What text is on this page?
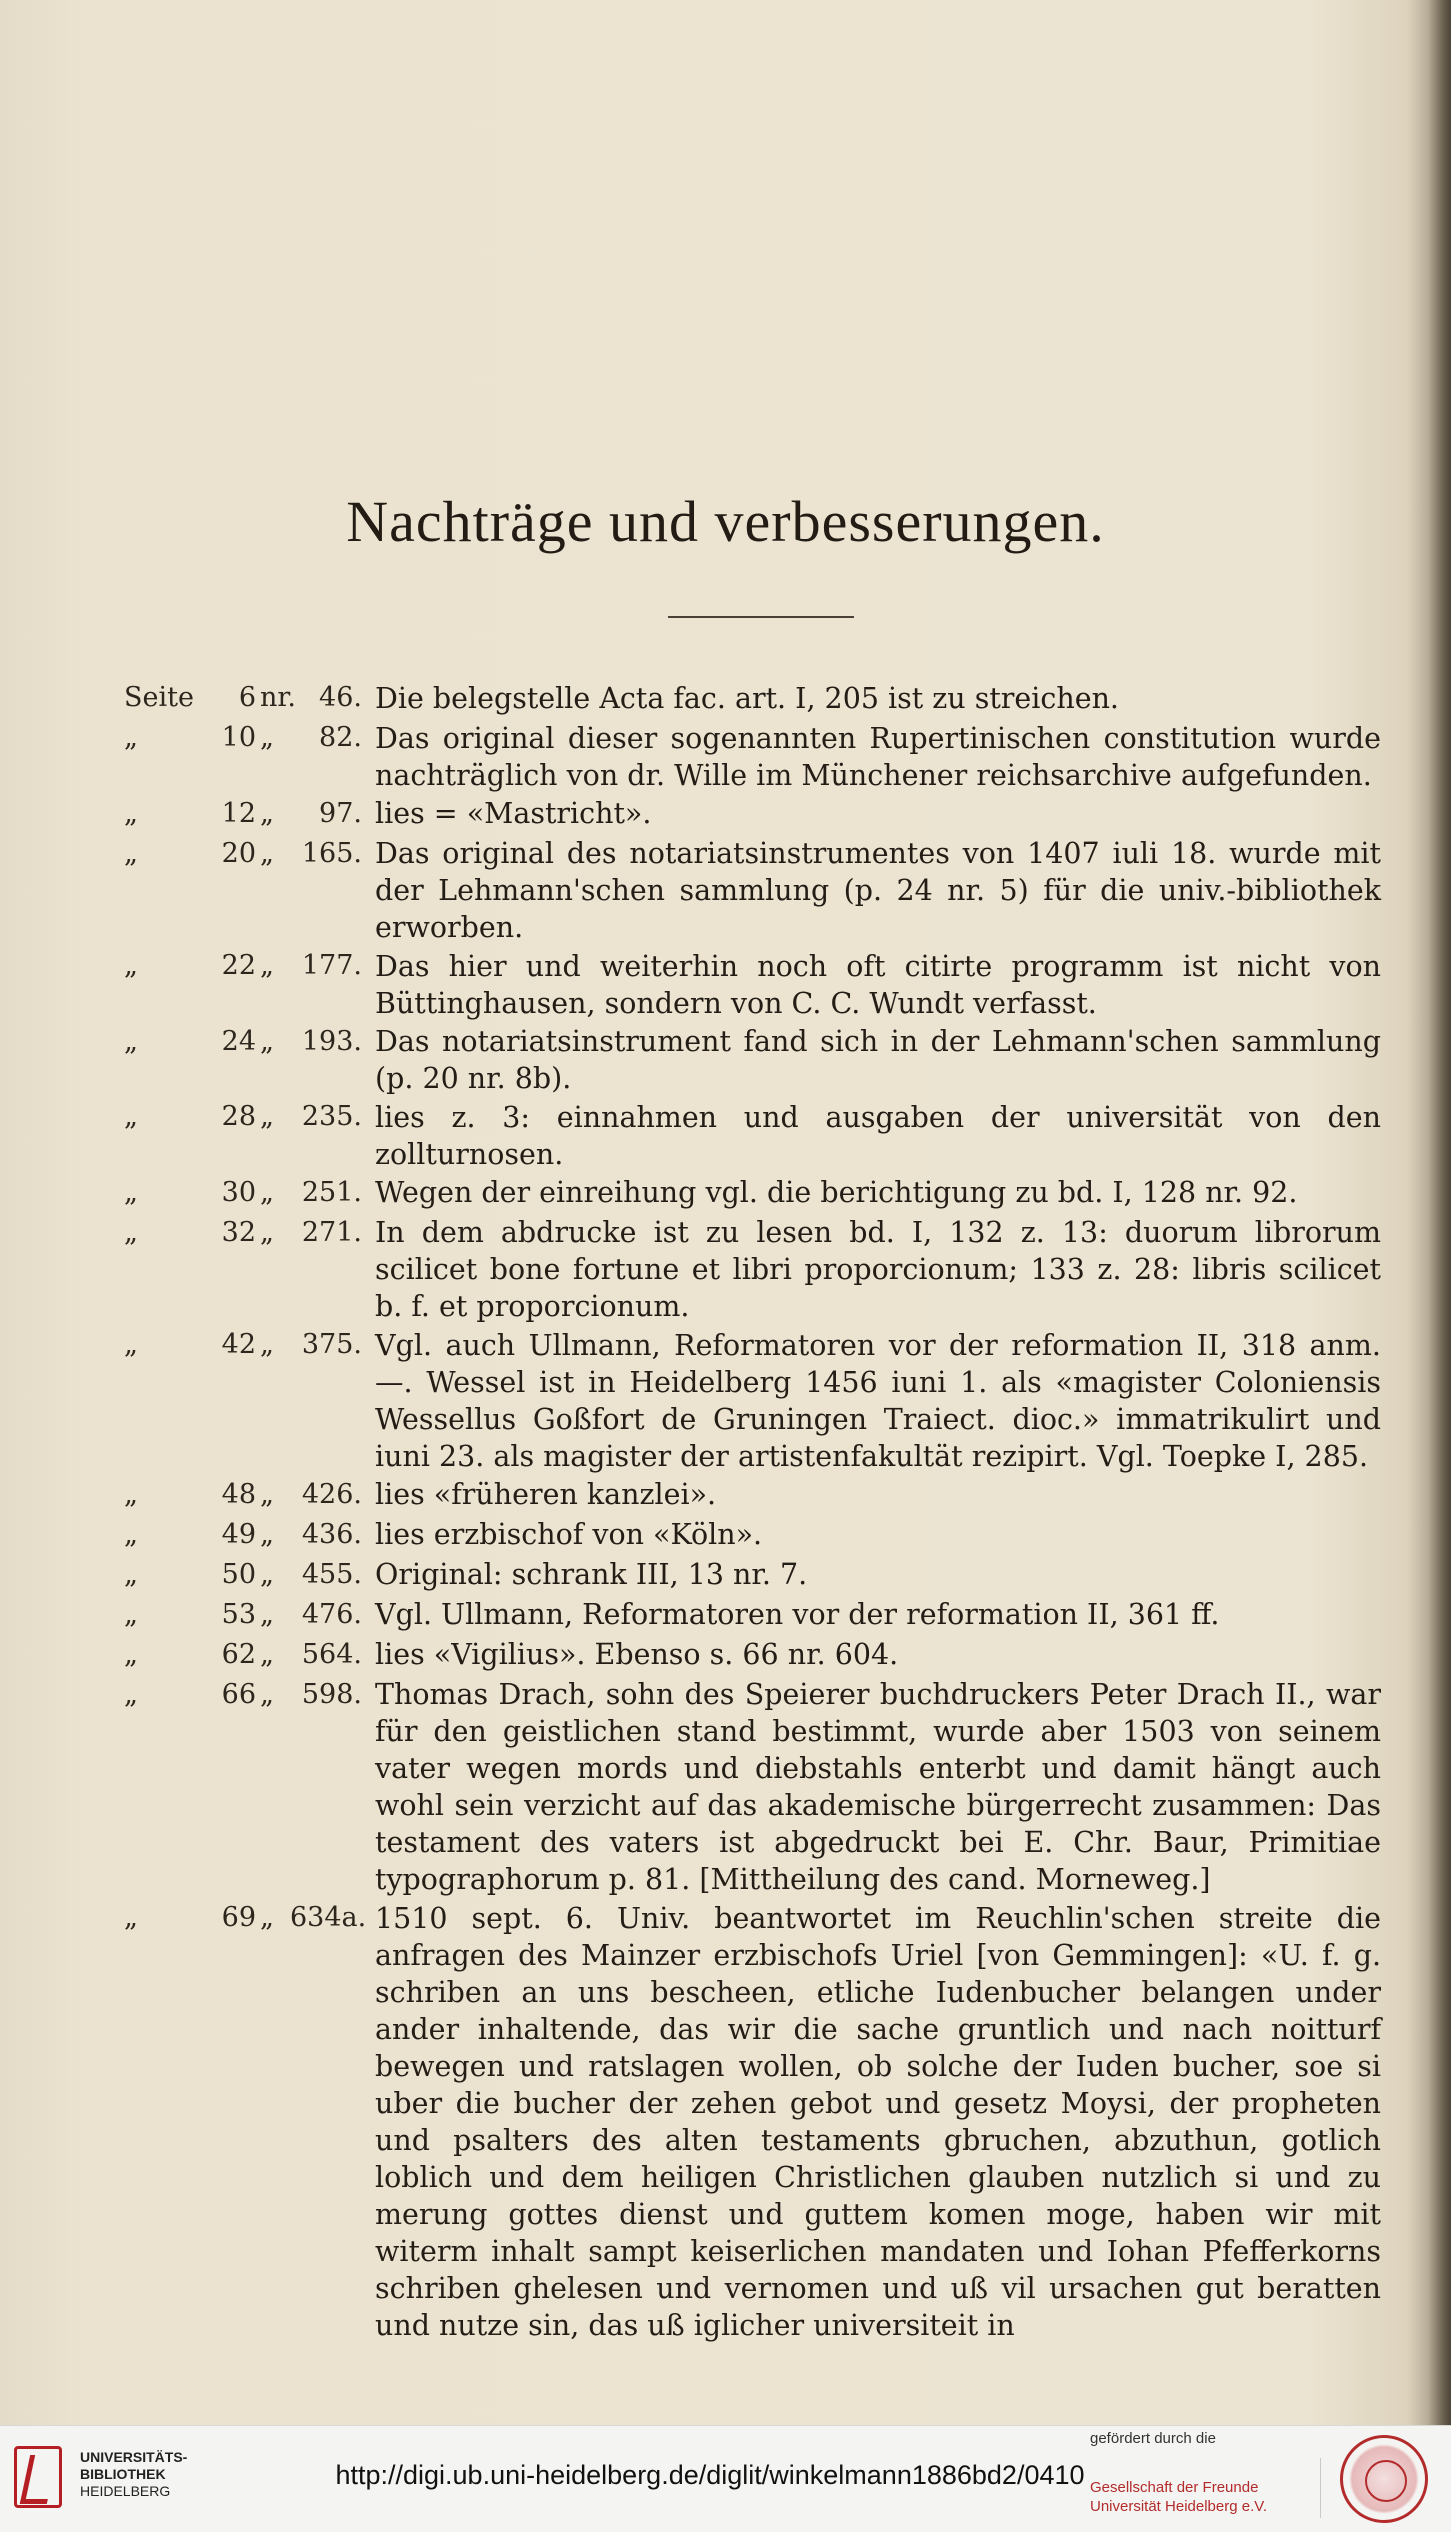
Nachträge und verbesserungen.
Seite	6 nr. 46. Die belegstelle Acta fac. art. I, 205 ist zu streichen.

„	10 „	82. Das original dieser sogenannten Rupertinischen constitution wurde nachträglich von dr. Wille im Münchener reichsarchive aufgefunden.

„	12 „	97. lies = «Mastricht».

„	20 „	165. Das original des notariatsinstrumentes von 1407 iuli 18. wurde mit der Lehmann'schen sammlung (p. 24 nr. 5) für die univ.-bibliothek erworben.

„	22 „	177. Das hier und weiterhin noch oft citirte programm ist nicht von Büttinghausen, sondern von C. C. Wundt verfasst.

„	24 „	193. Das notariatsinstrument fand sich in der Lehmann'schen sammlung (p. 20 nr. 8b).

„	28 „	235. lies z. 3: einnahmen und ausgaben der universität von den zollturnosen.

„	30 „	251. Wegen der einreihung vgl. die berichtigung zu bd. I, 128 nr. 92.

„	32 „	271. In dem abdrucke ist zu lesen bd. I, 132 z. 13: duorum librorum scilicet bone fortune et libri proporcionum; 133 z. 28: libris scilicet b. f. et proporcionum.

„	42 „	375. Vgl. auch Ullmann, Reformatoren vor der reformation II, 318 anm. —. Wessel ist in Heidelberg 1456 iuni 1. als «magister Coloniensis Wessellus Goßfort de Gruningen Traiect. dioc.» immatrikulirt und iuni 23. als magister der artistenfakultät rezipirt. Vgl. Toepke I, 285.

„	48 „	426. lies «früheren kanzlei».

„	49 „	436. lies erzbischof von «Köln».

„	50 „	455. Original: schrank III, 13 nr. 7.

„	53 „	476. Vgl. Ullmann, Reformatoren vor der reformation II, 361 ff.

„	62 „	564. lies «Vigilius». Ebenso s. 66 nr. 604.

„	66 „	598. Thomas Drach, sohn des Speierer buchdruckers Peter Drach II., war für den geistlichen stand bestimmt, wurde aber 1503 von seinem vater wegen mords und diebstahls enterbt und damit hängt auch wohl sein verzicht auf das akademische bürgerrecht zusammen: Das testament des vaters ist abgedruckt bei E. Chr. Baur, Primitiae typographorum p. 81. [Mittheilung des cand. Morneweg.]

„	69 „ 634a. 1510 sept. 6. Univ. beantwortet im Reuchlin'schen streite die anfragen des Mainzer erzbischofs Uriel [von Gemmingen]: «U. f. g. schriben an uns bescheen, etliche Iudenbucher belangen under ander inhaltende, das wir die sache gruntlich und nach noitturf bewegen und ratslagen wollen, ob solche der Iuden bucher, soe si uber die bucher der zehen gebot und gesetz Moysi, der propheten und psalters des alten testaments gbruchen, abzuthun, gotlich loblich und dem heiligen Christlichen glauben nutzlich si und zu merung gottes dienst und guttem komen moge, haben wir mit witerm inhalt sampt keiserlichen mandaten und Iohan Pfefferkorns schriben ghelesen und vernomen und uß vil ursachen gut beratten und nutze sin, das uß iglicher universiteit in

UNIVERSITÄTS-
BIBLIOTHEK
HEIDELBERG
http://digi.ub.uni-heidelberg.de/diglit/winkelmann1886bd2/0410
gefördert durch die
Gesellschaft der Freunde
Universität Heidelberg e.V.
